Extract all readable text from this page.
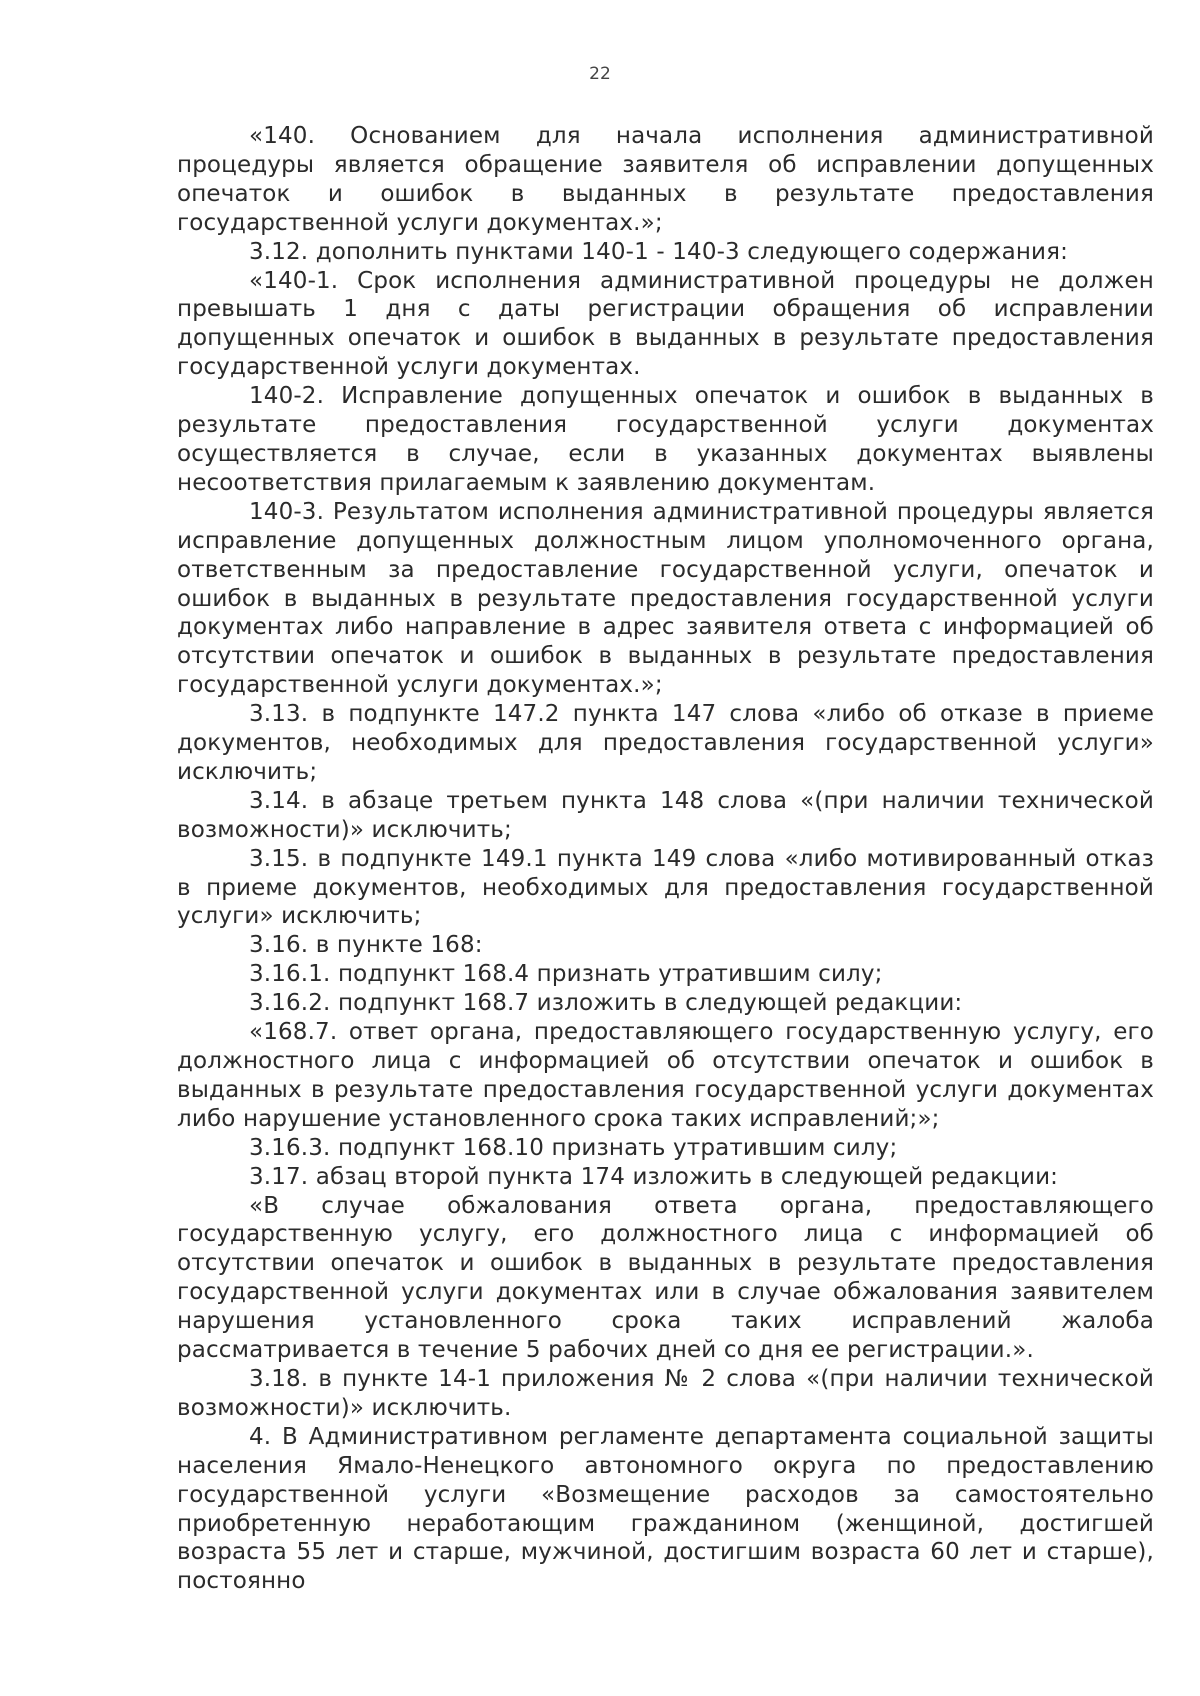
22

«140. Основанием для начала исполнения административной процедуры является обращение заявителя об исправлении допущенных опечаток и ошибок в выданных в результате предоставления государственной услуги документах.»;

3.12. дополнить пунктами 140-1 - 140-3 следующего содержания:

«140-1. Срок исполнения административной процедуры не должен превышать 1 дня с даты регистрации обращения об исправлении допущенных опечаток и ошибок в выданных в результате предоставления государственной услуги документах.

140-2. Исправление допущенных опечаток и ошибок в выданных в результате предоставления государственной услуги документах осуществляется в случае, если в указанных документах выявлены несоответствия прилагаемым к заявлению документам.

140-3. Результатом исполнения административной процедуры является исправление допущенных должностным лицом уполномоченного органа, ответственным за предоставление государственной услуги, опечаток и ошибок в выданных в результате предоставления государственной услуги документах либо направление в адрес заявителя ответа с информацией об отсутствии опечаток и ошибок в выданных в результате предоставления государственной услуги документах.»;

3.13. в подпункте 147.2 пункта 147 слова «либо об отказе в приеме документов, необходимых для предоставления государственной услуги» исключить;

3.14. в абзаце третьем пункта 148 слова «(при наличии технической возможности)» исключить;

3.15. в подпункте 149.1 пункта 149 слова «либо мотивированный отказ в приеме документов, необходимых для предоставления государственной услуги» исключить;

3.16. в пункте 168:

3.16.1. подпункт 168.4 признать утратившим силу;

3.16.2. подпункт 168.7 изложить в следующей редакции:

«168.7. ответ органа, предоставляющего государственную услугу, его должностного лица с информацией об отсутствии опечаток и ошибок в выданных в результате предоставления государственной услуги документах либо нарушение установленного срока таких исправлений;»;

3.16.3. подпункт 168.10 признать утратившим силу;

3.17. абзац второй пункта 174 изложить в следующей редакции:

«В случае обжалования ответа органа, предоставляющего государственную услугу, его должностного лица с информацией об отсутствии опечаток и ошибок в выданных в результате предоставления государственной услуги документах или в случае обжалования заявителем нарушения установленного срока таких исправлений жалоба рассматривается в течение 5 рабочих дней со дня ее регистрации.».

3.18. в пункте 14-1 приложения № 2 слова «(при наличии технической возможности)» исключить.

4. В Административном регламенте департамента социальной защиты населения Ямало-Ненецкого автономного округа по предоставлению государственной услуги «Возмещение расходов за самостоятельно приобретенную неработающим гражданином (женщиной, достигшей возраста 55 лет и старше, мужчиной, достигшим возраста 60 лет и старше), постоянно
